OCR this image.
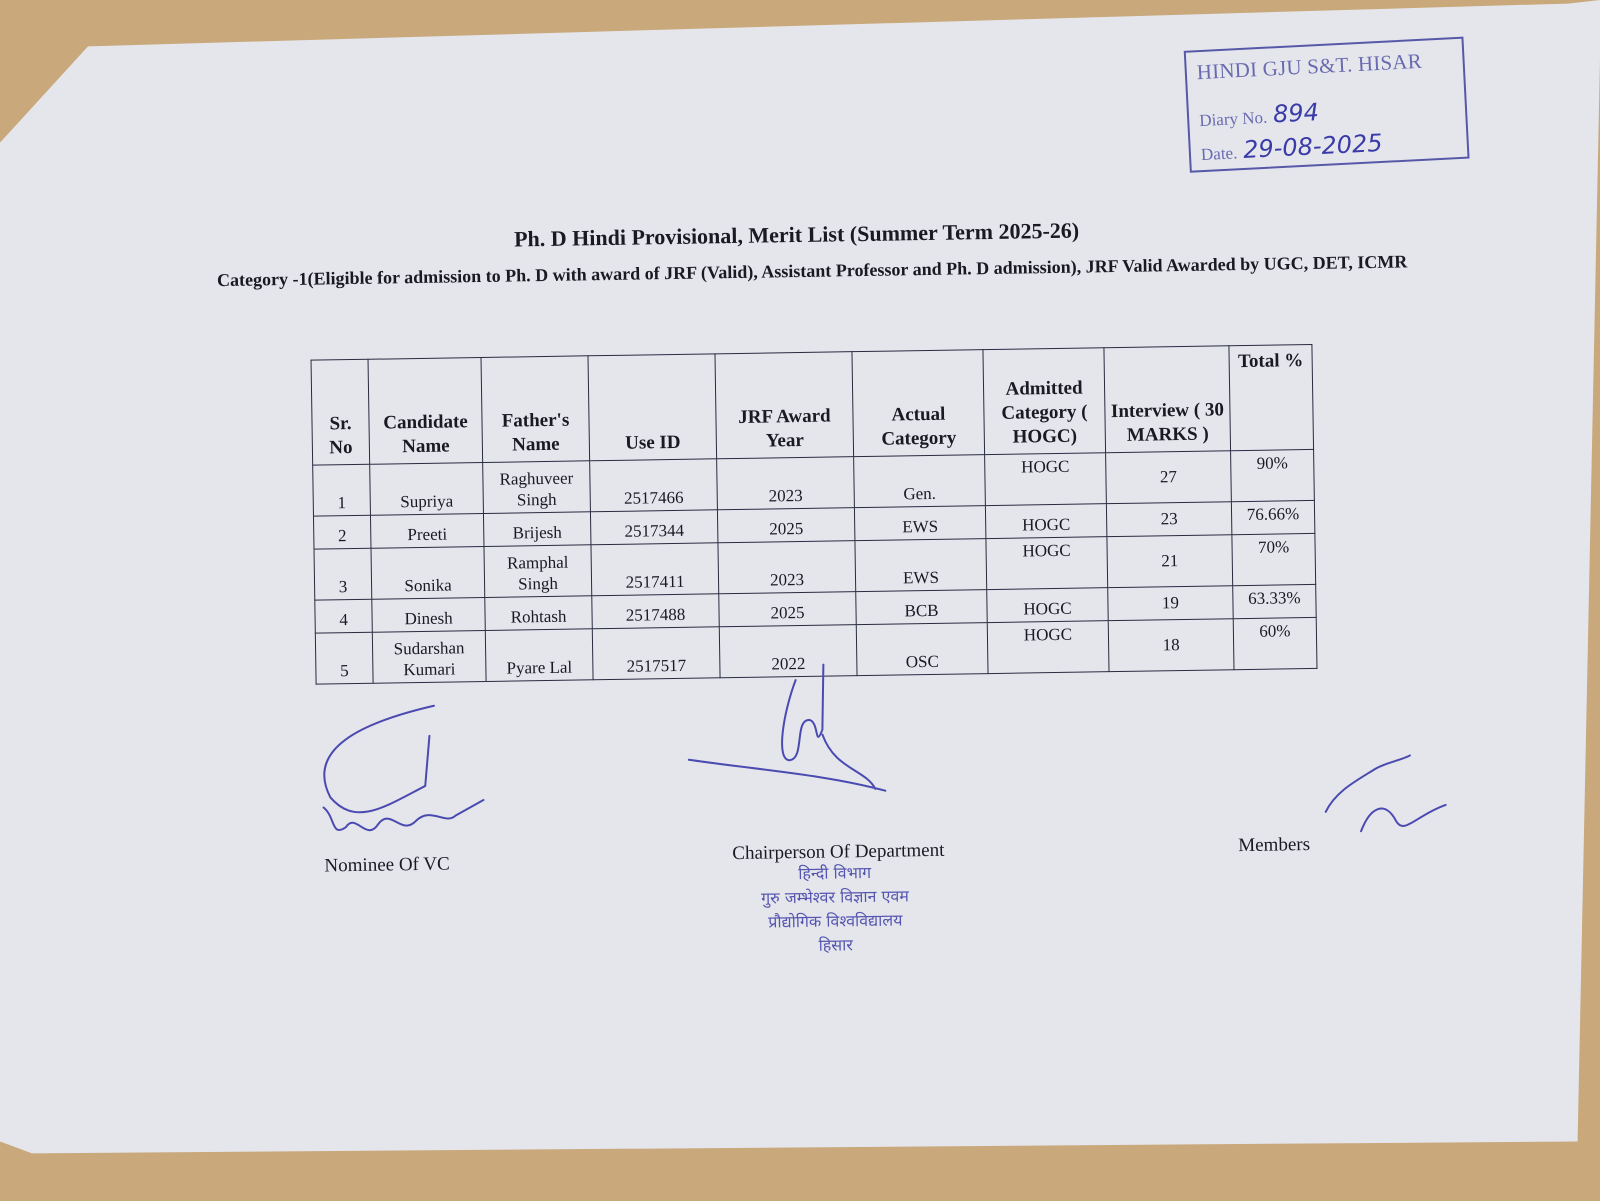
HINDI GJU S&T. HISAR
Diary No. 894
Date. 29-08-2025
Ph. D Hindi Provisional, Merit List (Summer Term 2025-26)
Category -1(Eligible for admission to Ph. D with award of JRF (Valid), Assistant Professor and Ph. D admission), JRF Valid Awarded by UGC, DET, ICMR
Sr. No	Candidate Name	Father's Name	Use ID	JRF Award Year	Actual Category	Admitted Category ( HOGC)	Interview ( 30 MARKS )	Total %
1	Supriya	Raghuveer Singh	2517466	2023	Gen.	HOGC	27	90%
2	Preeti	Brijesh	2517344	2025	EWS	HOGC	23	76.66%
3	Sonika	Ramphal Singh	2517411	2023	EWS	HOGC	21	70%
4	Dinesh	Rohtash	2517488	2025	BCB	HOGC	19	63.33%
5	Sudarshan Kumari	Pyare Lal	2517517	2022	OSC	HOGC	18	60%
Nominee Of VC
Chairperson Of Department	Members
हिन्दी विभाग
गुरु जम्भेश्वर विज्ञान एवम
प्रौद्योगिक विश्वविद्यालय
हिसार
